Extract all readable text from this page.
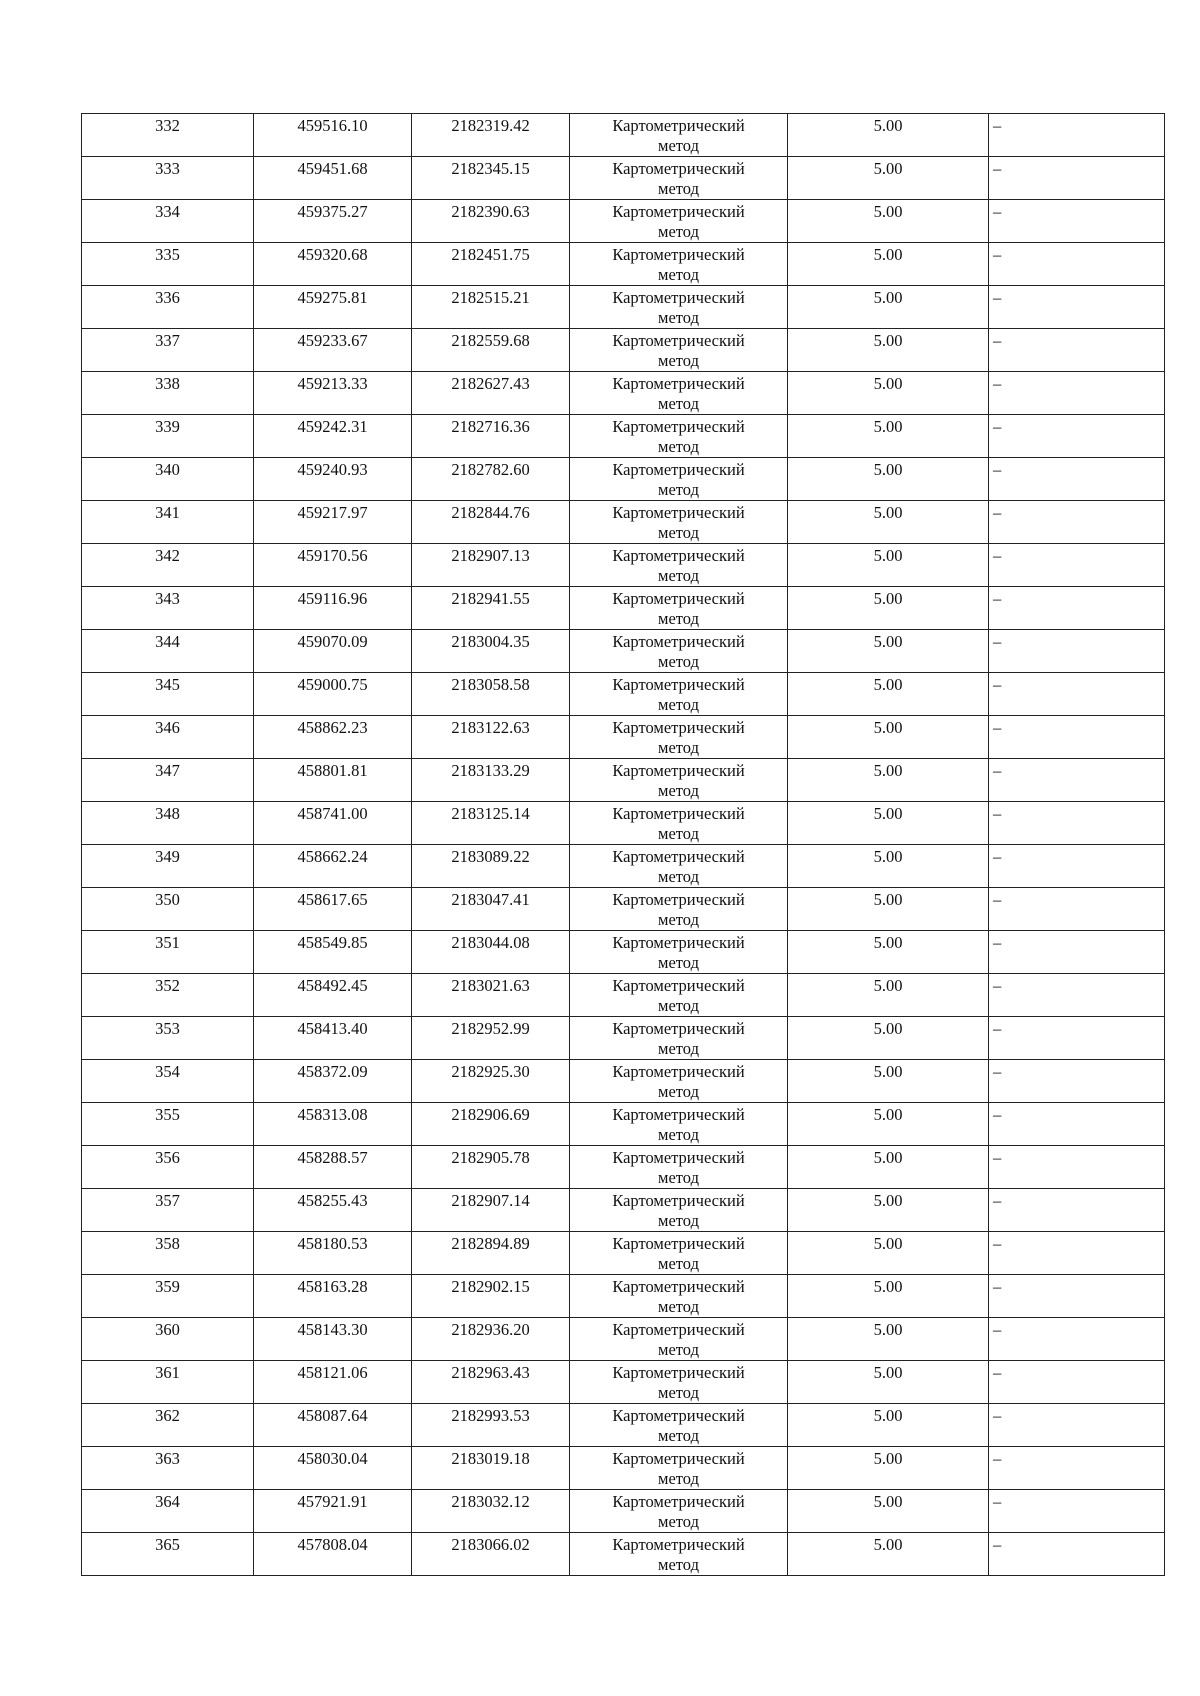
332	459516.10	2182319.42	Картометрический
метод	5.00	–
333	459451.68	2182345.15	Картометрический
метод	5.00	–
334	459375.27	2182390.63	Картометрический
метод	5.00	–
335	459320.68	2182451.75	Картометрический
метод	5.00	–
336	459275.81	2182515.21	Картометрический
метод	5.00	–
337	459233.67	2182559.68	Картометрический
метод	5.00	–
338	459213.33	2182627.43	Картометрический
метод	5.00	–
339	459242.31	2182716.36	Картометрический
метод	5.00	–
340	459240.93	2182782.60	Картометрический
метод	5.00	–
341	459217.97	2182844.76	Картометрический
метод	5.00	–
342	459170.56	2182907.13	Картометрический
метод	5.00	–
343	459116.96	2182941.55	Картометрический
метод	5.00	–
344	459070.09	2183004.35	Картометрический
метод	5.00	–
345	459000.75	2183058.58	Картометрический
метод	5.00	–
346	458862.23	2183122.63	Картометрический
метод	5.00	–
347	458801.81	2183133.29	Картометрический
метод	5.00	–
348	458741.00	2183125.14	Картометрический
метод	5.00	–
349	458662.24	2183089.22	Картометрический
метод	5.00	–
350	458617.65	2183047.41	Картометрический
метод	5.00	–
351	458549.85	2183044.08	Картометрический
метод	5.00	–
352	458492.45	2183021.63	Картометрический
метод	5.00	–
353	458413.40	2182952.99	Картометрический
метод	5.00	–
354	458372.09	2182925.30	Картометрический
метод	5.00	–
355	458313.08	2182906.69	Картометрический
метод	5.00	–
356	458288.57	2182905.78	Картометрический
метод	5.00	–
357	458255.43	2182907.14	Картометрический
метод	5.00	–
358	458180.53	2182894.89	Картометрический
метод	5.00	–
359	458163.28	2182902.15	Картометрический
метод	5.00	–
360	458143.30	2182936.20	Картометрический
метод	5.00	–
361	458121.06	2182963.43	Картометрический
метод	5.00	–
362	458087.64	2182993.53	Картометрический
метод	5.00	–
363	458030.04	2183019.18	Картометрический
метод	5.00	–
364	457921.91	2183032.12	Картометрический
метод	5.00	–
365	457808.04	2183066.02	Картометрический
метод	5.00	–
